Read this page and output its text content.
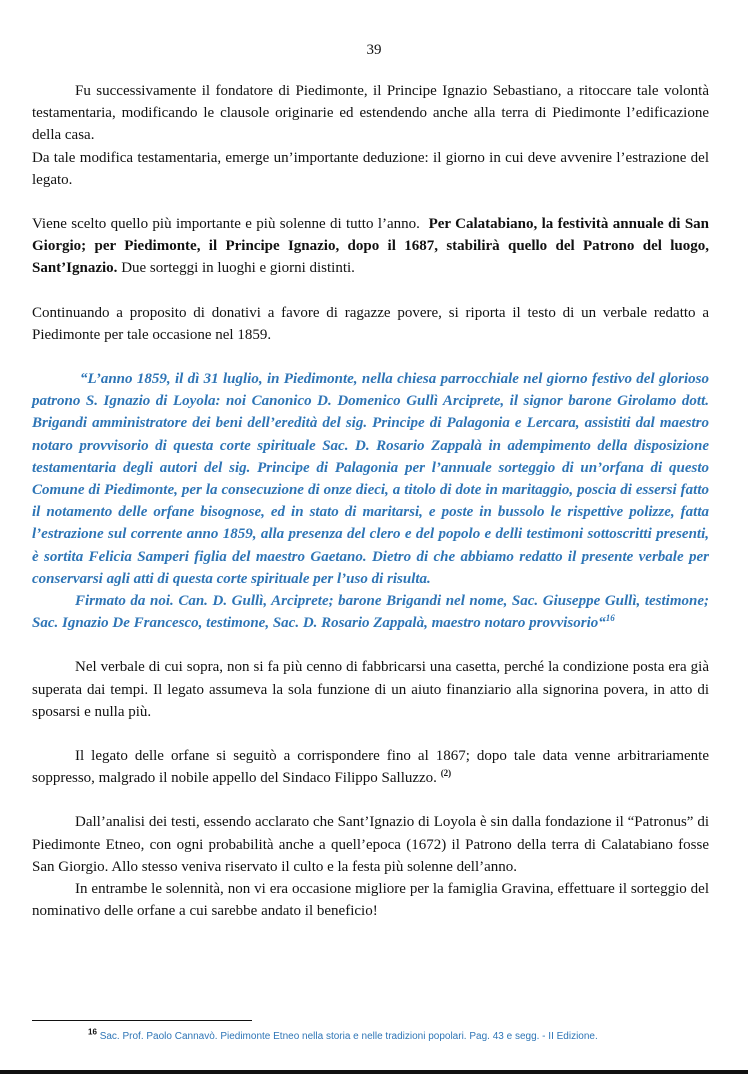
39

Fu successivamente il fondatore di Piedimonte, il Principe Ignazio Sebastiano, a ritoccare tale volontà testamentaria, modificando le clausole originarie ed estendendo anche alla terra di Piedimonte l’edificazione della casa.

Da tale modifica testamentaria, emerge un’importante deduzione: il giorno in cui deve avvenire l’estrazione del legato.

Viene scelto quello più importante e più solenne di tutto l’anno. Per Calatabiano, la festività annuale di San Giorgio; per Piedimonte, il Principe Ignazio, dopo il 1687, stabilirà quello del Patrono del luogo, Sant’Ignazio. Due sorteggi in luoghi e giorni distinti.

Continuando a proposito di donativi a favore di ragazze povere, si riporta il testo di un verbale redatto a Piedimonte per tale occasione nel 1859.

“L’anno 1859, il dì 31 luglio, in Piedimonte, nella chiesa parrocchiale nel giorno festivo del glorioso patrono S. Ignazio di Loyola: noi Canonico D. Domenico Gullì Arciprete, il signor barone Girolamo dott. Brigandi amministratore dei beni dell’eredità del sig. Principe di Palagonia e Lercara, assistiti dal maestro notaro provvisorio di questa corte spirituale Sac. D. Rosario Zappalà in adempimento della disposizione testamentaria degli autori del sig. Principe di Palagonia per l’annuale sorteggio di un’orfana di questo Comune di Piedimonte, per la consecuzione di onze dieci, a titolo di dote in maritaggio, poscia di essersi fatto il notamento delle orfane bisognose, ed in stato di maritarsi, e poste in bussolo le rispettive polizze, fatta l’estrazione sul corrente anno 1859, alla presenza del clero e del popolo e delli testimoni sottoscritti presenti, è sortita Felicia Samperi figlia del maestro Gaetano. Dietro di che abbiamo redatto il presente verbale per conservarsi agli atti di questa corte spirituale per l’uso di risulta.

Firmato da noi. Can. D. Gullì, Arciprete; barone Brigandi nel nome, Sac. Giuseppe Gullì, testimone; Sac. Ignazio De Francesco, testimone, Sac. D. Rosario Zappalà, maestro notaro provvisorio“$^{16}$

Nel verbale di cui sopra, non si fa più cenno di fabbricarsi una casetta, perché la condizione posta era già superata dai tempi. Il legato assumeva la sola funzione di un aiuto finanziario alla signorina povera, in atto di sposarsi e nulla più.

Il legato delle orfane si seguitò a corrispondere fino al 1867; dopo tale data venne arbitrariamente soppresso, malgrado il nobile appello del Sindaco Filippo Salluzzo. $^{(2)}$

Dall’analisi dei testi, essendo acclarato che Sant’Ignazio di Loyola è sin dalla fondazione il “Patronus” di Piedimonte Etneo, con ogni probabilità anche a quell’epoca (1672) il Patrono della terra di Calatabiano fosse San Giorgio. Allo stesso veniva riservato il culto e la festa più solenne dell’anno.

In entrambe le solennità, non vi era occasione migliore per la famiglia Gravina, effettuare il sorteggio del nominativo delle orfane a cui sarebbe andato il beneficio!

$^{16}$ Sac. Prof. Paolo Cannavò. Piedimonte Etneo nella storia e nelle tradizioni popolari. Pag. 43 e segg. - II Edizione.
